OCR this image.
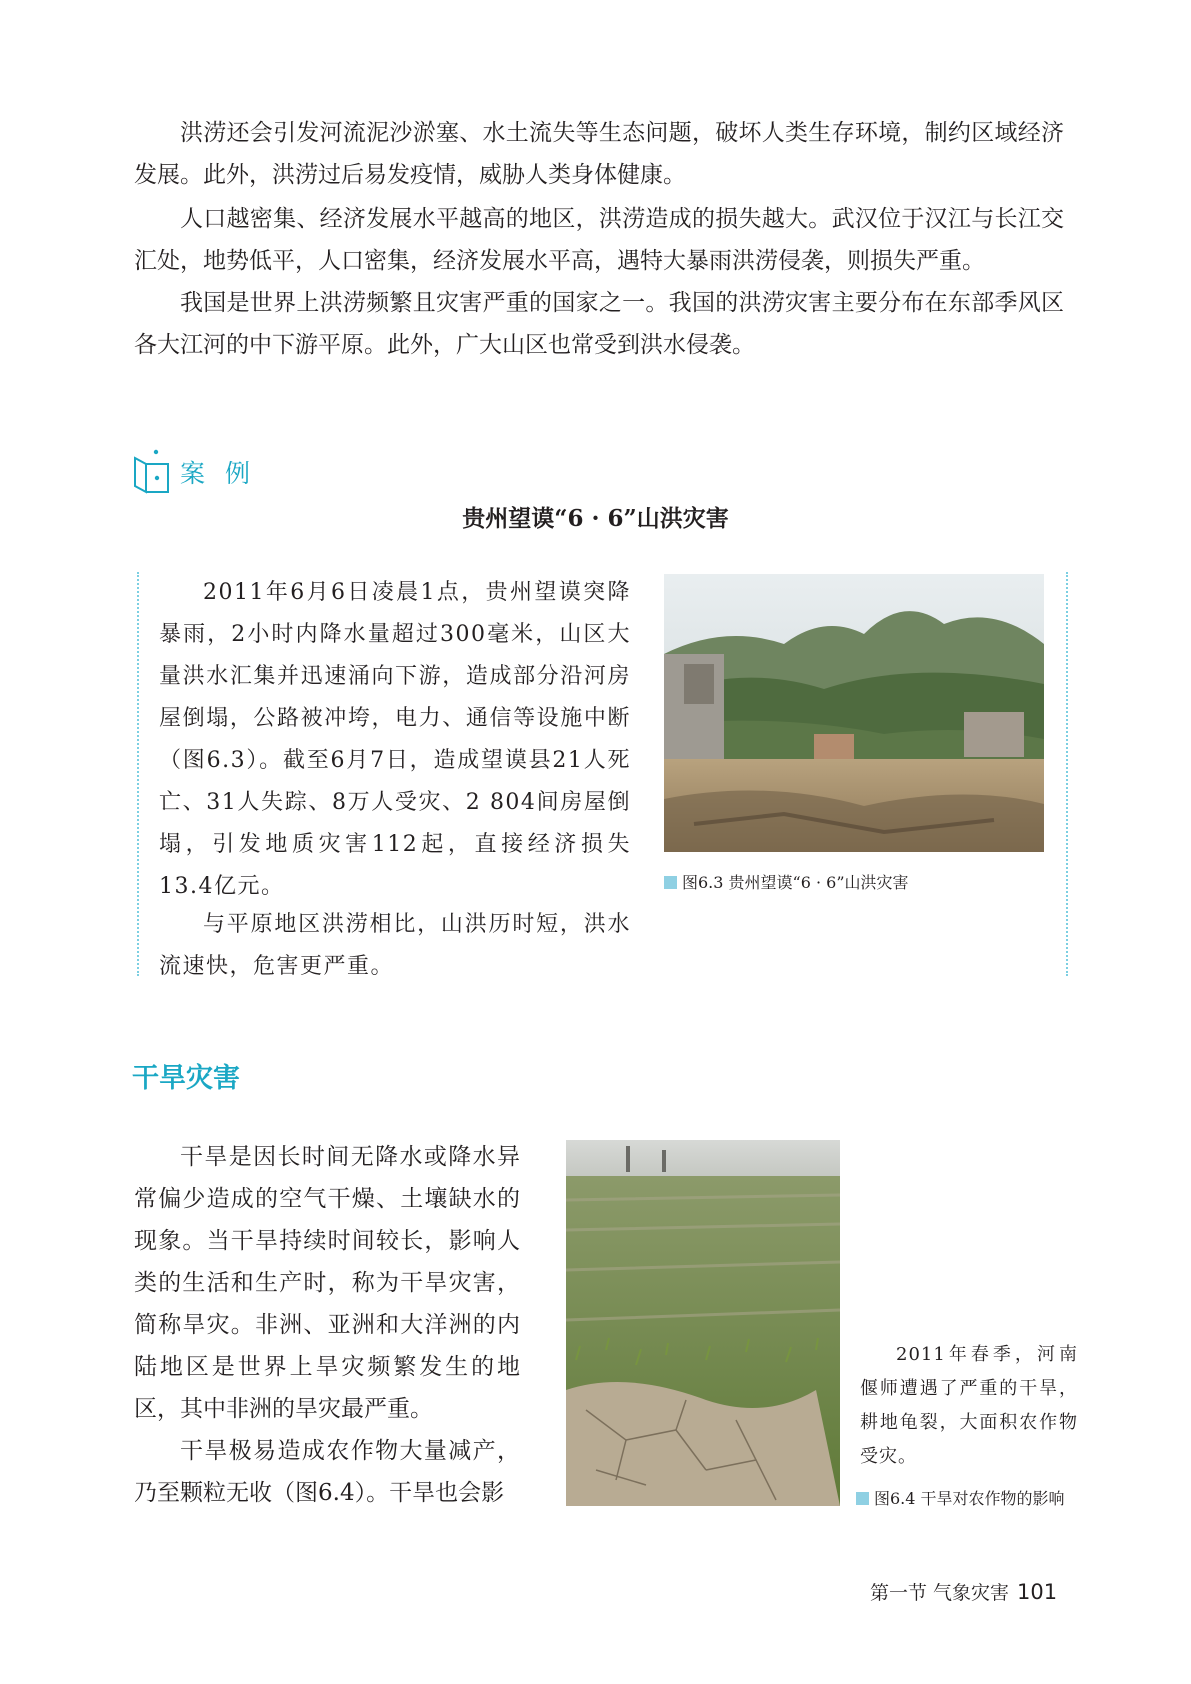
洪涝还会引发河流泥沙淤塞、水土流失等生态问题，破坏人类生存环境，制约区域经济发展。此外，洪涝过后易发疫情，威胁人类身体健康。

人口越密集、经济发展水平越高的地区，洪涝造成的损失越大。武汉位于汉江与长江交汇处，地势低平，人口密集，经济发展水平高，遇特大暴雨洪涝侵袭，则损失严重。

我国是世界上洪涝频繁且灾害严重的国家之一。我国的洪涝灾害主要分布在东部季风区各大江河的中下游平原。此外，广大山区也常受到洪水侵袭。

案 例

贵州望谟“6 · 6”山洪灾害

2011年6月6日凌晨1点，贵州望谟突降暴雨，2小时内降水量超过300毫米，山区大量洪水汇集并迅速涌向下游，造成部分沿河房屋倒塌，公路被冲垮，电力、通信等设施中断（图6.3）。截至6月7日，造成望谟县21人死亡、31人失踪、8万人受灾、2 804间房屋倒塌，引发地质灾害112起，直接经济损失13.4亿元。

与平原地区洪涝相比，山洪历时短，洪水流速快，危害更严重。

图6.3 贵州望谟“6 · 6”山洪灾害

干旱灾害

干旱是因长时间无降水或降水异常偏少造成的空气干燥、土壤缺水的现象。当干旱持续时间较长，影响人类的生活和生产时，称为干旱灾害，简称旱灾。非洲、亚洲和大洋洲的内陆地区是世界上旱灾频繁发生的地区，其中非洲的旱灾最严重。

干旱极易造成农作物大量减产，乃至颗粒无收（图6.4）。干旱也会影

2011年春季，河南偃师遭遇了严重的干旱，耕地龟裂，大面积农作物受灾。

图6.4 干旱对农作物的影响

第一节 气象灾害 101
